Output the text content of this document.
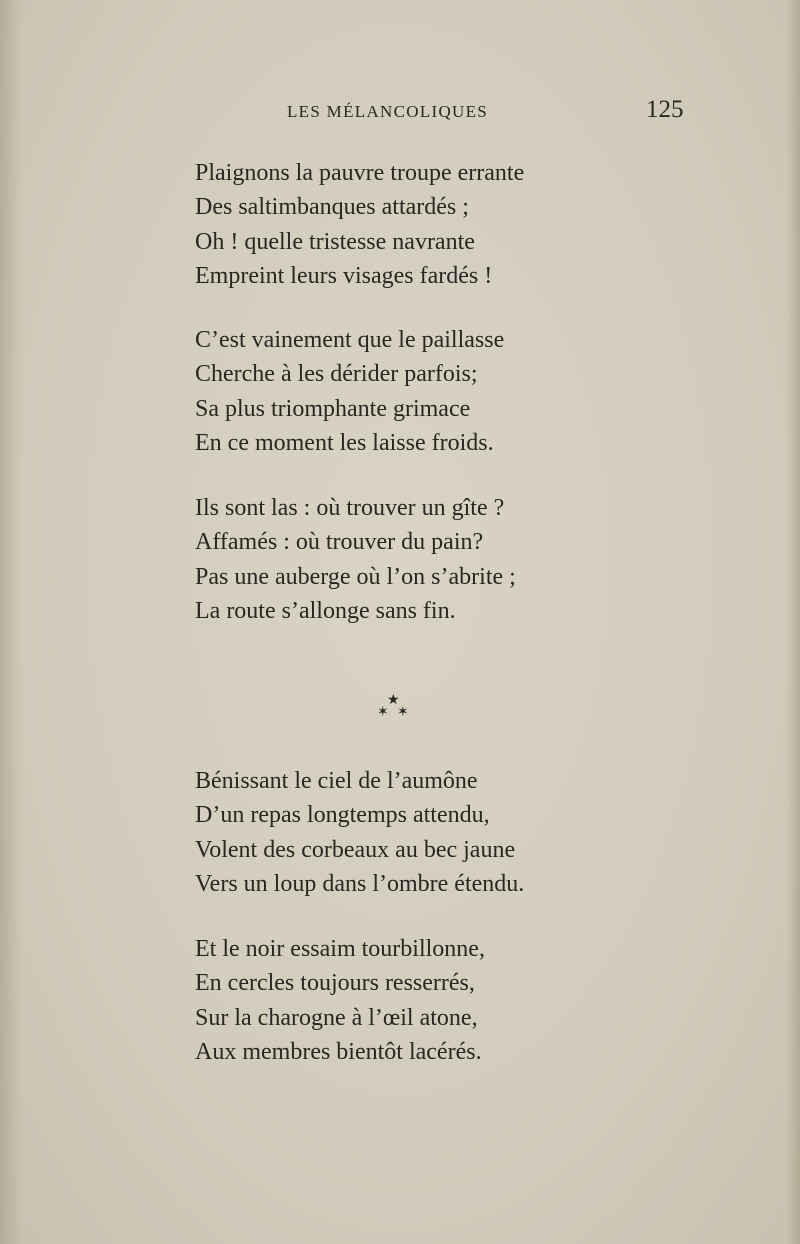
LES MÉLANCOLIQUES	125
Plaignons la pauvre troupe errante
Des saltimbanques attardés ;
Oh ! quelle tristesse navrante
Empreint leurs visages fardés !
C’est vainement que le paillasse
Cherche à les dérider parfois;
Sa plus triomphante grimace
En ce moment les laisse froids.
Ils sont las : où trouver un gîte ?
Affamés : où trouver du pain?
Pas une auberge où l’on s’abrite ;
La route s’allonge sans fin.
Bénissant le ciel de l’aumône
D’un repas longtemps attendu,
Volent des corbeaux au bec jaune
Vers un loup dans l’ombre étendu.
Et le noir essaim tourbillonne,
En cercles toujours resserrés,
Sur la charogne à l’œil atone,
Aux membres bientôt lacérés.
★
✶ ✶
